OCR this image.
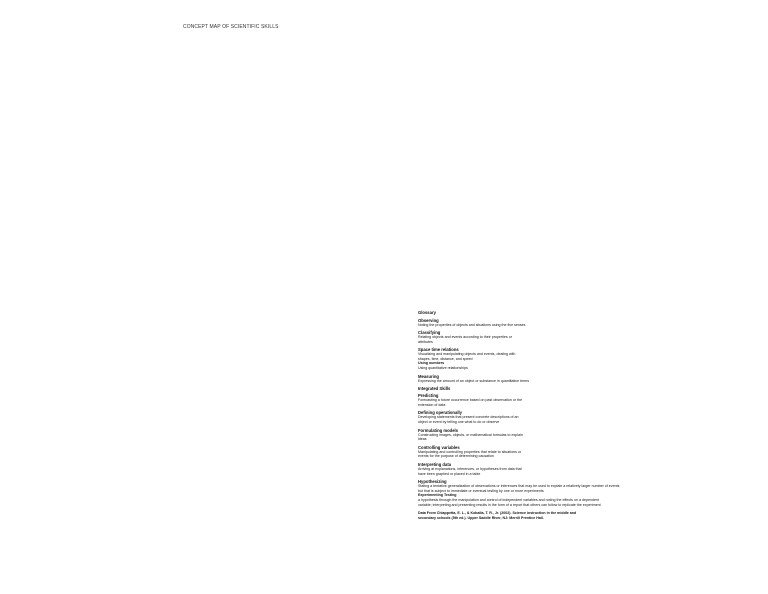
CONCEPT MAP OF SCIENTIFIC SKILLS
Glossary
Observing
Noting the properties of objects and situations using the five senses
Classifying
Relating objects and events according to their properties or
attributes
Space time relations
Visualizing and manipulating objects and events, dealing with
shapes, time, distance, and speed
Using numbers
Using quantitative relationships
Measuring
Expressing the amount of an object or substance in quantitative terms
Integrated Skills
Predicting
Forecasting a future occurrence based on past observation or the
extension of data
Defining operationally
Developing statements that present concrete descriptions of an
object or event by telling one what to do or observe
Formulating models
Constructing images, objects, or mathematical formulas to explain
ideas
Controlling variables
Manipulating and controlling properties that relate to situations or
events for the purpose of determining causation
Interpreting data
Arriving at explanations, inferences, or hypotheses from data that
have been graphed or placed in a table
Hypothesizing
Stating a tentative generalization of observations or inferences that may be used to explain a relatively larger number of events
but that is subject to immediate or eventual testing by one or more experiments
Experimenting Testing
a hypothesis through the manipulation and control of independent variables and noting the effects on a dependent
variable; interpreting and presenting results in the form of a report that others can follow to replicate the experiment
Data From Chiappetta, E. L., & Koballa, T. R., Jr. (2002). Science instruction in the middle and
secondary schools (5th ed.). Upper Saddle River, NJ: Merrill Prentice Hall.
